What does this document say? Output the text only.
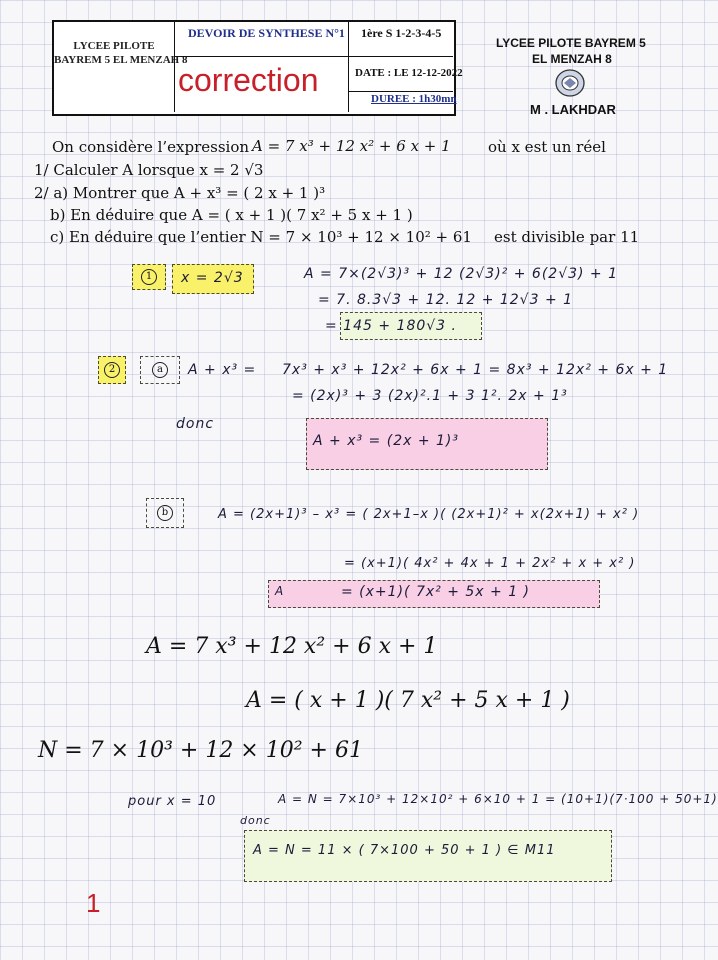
LYCEE PILOTE
BAYREM 5 EL MENZAH 8
DEVOIR DE SYNTHESE N°1 1ère S 1-2-3-4-5
correction	DATE : LE 12-12-2022
DUREE : 1h30mn
LYCEE PILOTE BAYREM 5
EL MENZAH 8
M . LAKHDAR
On considère l’expression A = 7 x³ + 12 x² + 6 x + 1 où x est un réel
1/ Calculer A lorsque x = 2 √3
2/ a) Montrer que A + x³ = ( 2 x + 1 )³
b) En déduire que A = ( x + 1 )( 7 x² + 5 x + 1 )
c) En déduire que l’entier N = 7 × 10³ + 12 × 10² + 61 est divisible par 11
1	x = 2√3	A = 7×(2√3)³ + 12 (2√3)² + 6(2√3) + 1
= 7. 8.3√3 + 12. 12 + 12√3 + 1
= 145 + 180√3 .
2	a	A + x³ = 7x³ + x³ + 12x² + 6x + 1 = 8x³ + 12x² + 6x + 1
= (2x)³ + 3 (2x)².1 + 3 1². 2x + 1³
donc
A + x³ = (2x + 1)³
b	A = (2x+1)³ – x³ = ( 2x+1–x )( (2x+1)² + x(2x+1) + x² )
= (x+1)( 4x² + 4x + 1 + 2x² + x + x² )
A	= (x+1)( 7x² + 5x + 1 )
A = 7 x³ + 12 x² + 6 x + 1
A = ( x + 1 )( 7 x² + 5 x + 1 )
N = 7 × 10³ + 12 × 10² + 61
pour x = 10	A = N = 7×10³ + 12×10² + 6×10 + 1 = (10+1)(7·100 + 50+1)
donc
A = N = 11 × ( 7×100 + 50 + 1 ) ∈ M11
1
